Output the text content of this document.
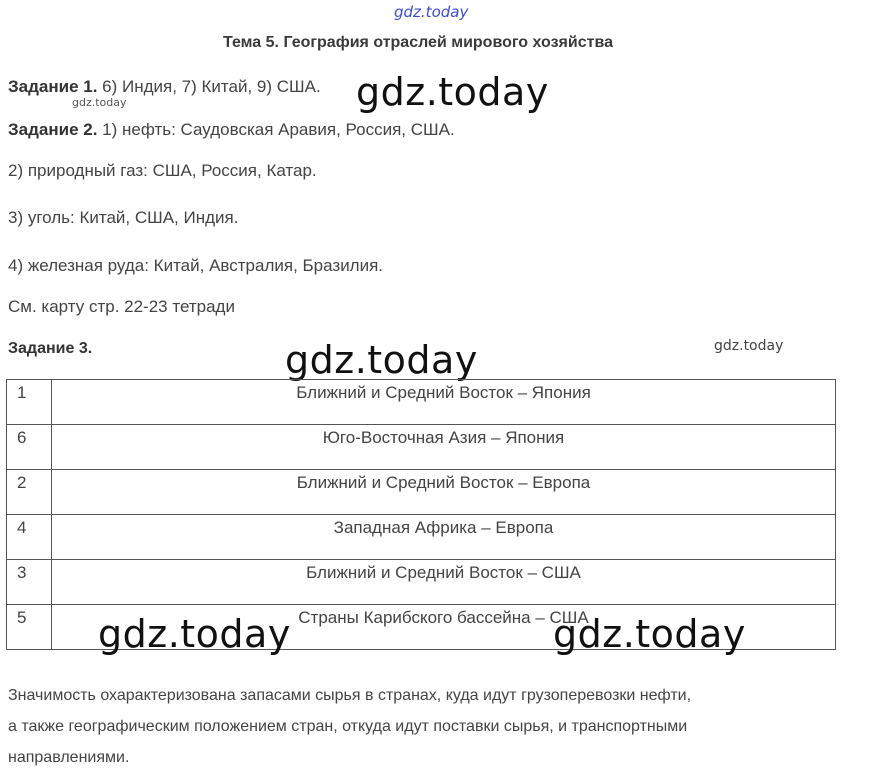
gdz.today
gdz.today
gdz.today
gdz.today	gdz.today
gdz.today	gdz.today
Тема 5. География отраслей мирового хозяйства
Задание 1. 6) Индия, 7) Китай, 9) США.
Задание 2. 1) нефть: Саудовская Аравия, Россия, США.
2) природный газ: США, Россия, Катар.
3) уголь: Китай, США, Индия.
4) железная руда: Китай, Австралия, Бразилия.
См. карту стр. 22-23 тетради
Задание 3.
1	Ближний и Средний Восток – Япония
6	Юго-Восточная Азия – Япония
2	Ближний и Средний Восток – Европа
4	Западная Африка – Европа
3	Ближний и Средний Восток – США
5	Страны Карибского бассейна – США
Значимость охарактеризована запасами сырья в странах, куда идут грузоперевозки нефти,
а также географическим положением стран, откуда идут поставки сырья, и транспортными
направлениями.
